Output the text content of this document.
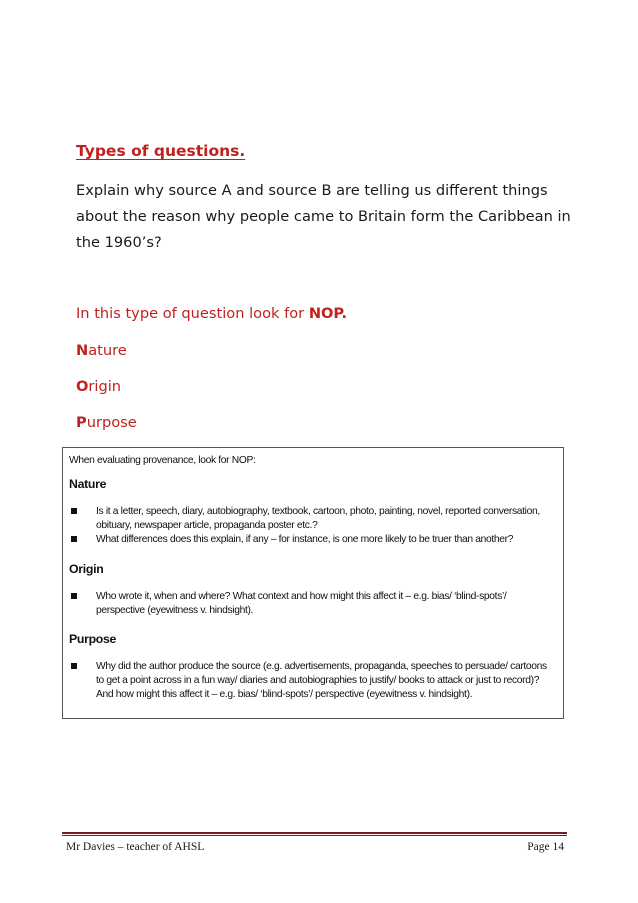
Types of questions.

Explain why source A and source B are telling us different things about the reason why people came to Britain form the Caribbean in the 1960’s?

In this type of question look for NOP.

Nature

Origin

Purpose

When evaluating provenance, look for NOP:

Nature

Is it a letter, speech, diary, autobiography, textbook, cartoon, photo, painting, novel, reported conversation, obituary, newspaper article, propaganda poster etc.?
What differences does this explain, if any – for instance, is one more likely to be truer than another?

Origin

Who wrote it, when and where? What context and how might this affect it – e.g. bias/ ‘blind-spots’/ perspective (eyewitness v. hindsight).

Purpose

Why did the author produce the source (e.g. advertisements, propaganda, speeches to persuade/ cartoons to get a point across in a fun way/ diaries and autobiographies to justify/ books to attack or just to record)? And how might this affect it – e.g. bias/ ‘blind-spots’/ perspective (eyewitness v. hindsight).

Mr Davies – teacher of AHSL	Page 14
